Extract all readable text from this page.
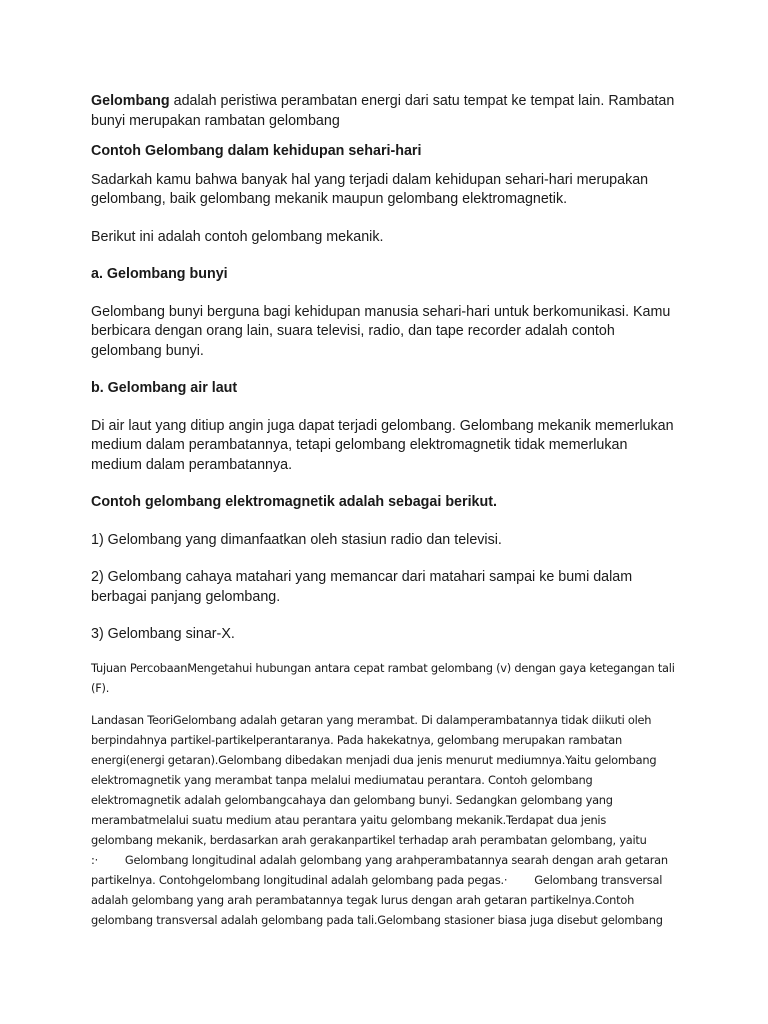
Gelombang adalah peristiwa perambatan energi dari satu tempat ke tempat lain. Rambatan bunyi merupakan rambatan gelombang

Contoh Gelombang dalam kehidupan sehari-hari

Sadarkah kamu bahwa banyak hal yang terjadi dalam kehidupan sehari-hari merupakan gelombang, baik gelombang mekanik maupun gelombang elektromagnetik.

Berikut ini adalah contoh gelombang mekanik.

a. Gelombang bunyi

Gelombang bunyi berguna bagi kehidupan manusia sehari-hari untuk berkomunikasi. Kamu berbicara dengan orang lain, suara televisi, radio, dan tape recorder adalah contoh gelombang bunyi.

b. Gelombang air laut

Di air laut yang ditiup angin juga dapat terjadi gelombang. Gelombang mekanik memerlukan medium dalam perambatannya, tetapi gelombang elektromagnetik tidak memerlukan medium dalam perambatannya.

Contoh gelombang elektromagnetik adalah sebagai berikut.

1) Gelombang yang dimanfaatkan oleh stasiun radio dan televisi.

2) Gelombang cahaya matahari yang memancar dari matahari sampai ke bumi dalam berbagai panjang gelombang.

3) Gelombang sinar-X.

Tujuan PercobaanMengetahui hubungan antara cepat rambat gelombang (v) dengan gaya ketegangan tali (F).

Landasan TeoriGelombang adalah getaran yang merambat. Di dalamperambatannya tidak diikuti oleh
berpindahnya partikel-partikelperantaranya. Pada hakekatnya, gelombang merupakan rambatan
energi(energi getaran).Gelombang dibedakan menjadi dua jenis menurut mediumnya.Yaitu gelombang
elektromagnetik yang merambat tanpa melalui mediumatau perantara. Contoh gelombang
elektromagnetik adalah gelombangcahaya dan gelombang bunyi. Sedangkan gelombang yang
merambatmelalui suatu medium atau perantara yaitu gelombang mekanik.Terdapat dua jenis
gelombang mekanik, berdasarkan arah gerakanpartikel terhadap arah perambatan gelombang, yaitu
:·        Gelombang longitudinal adalah gelombang yang arahperambatannya searah dengan arah getaran
partikelnya. Contohgelombang longitudinal adalah gelombang pada pegas.·        Gelombang transversal
adalah gelombang yang arah perambatannya tegak lurus dengan arah getaran partikelnya.Contoh
gelombang transversal adalah gelombang pada tali.Gelombang stasioner biasa juga disebut gelombang
